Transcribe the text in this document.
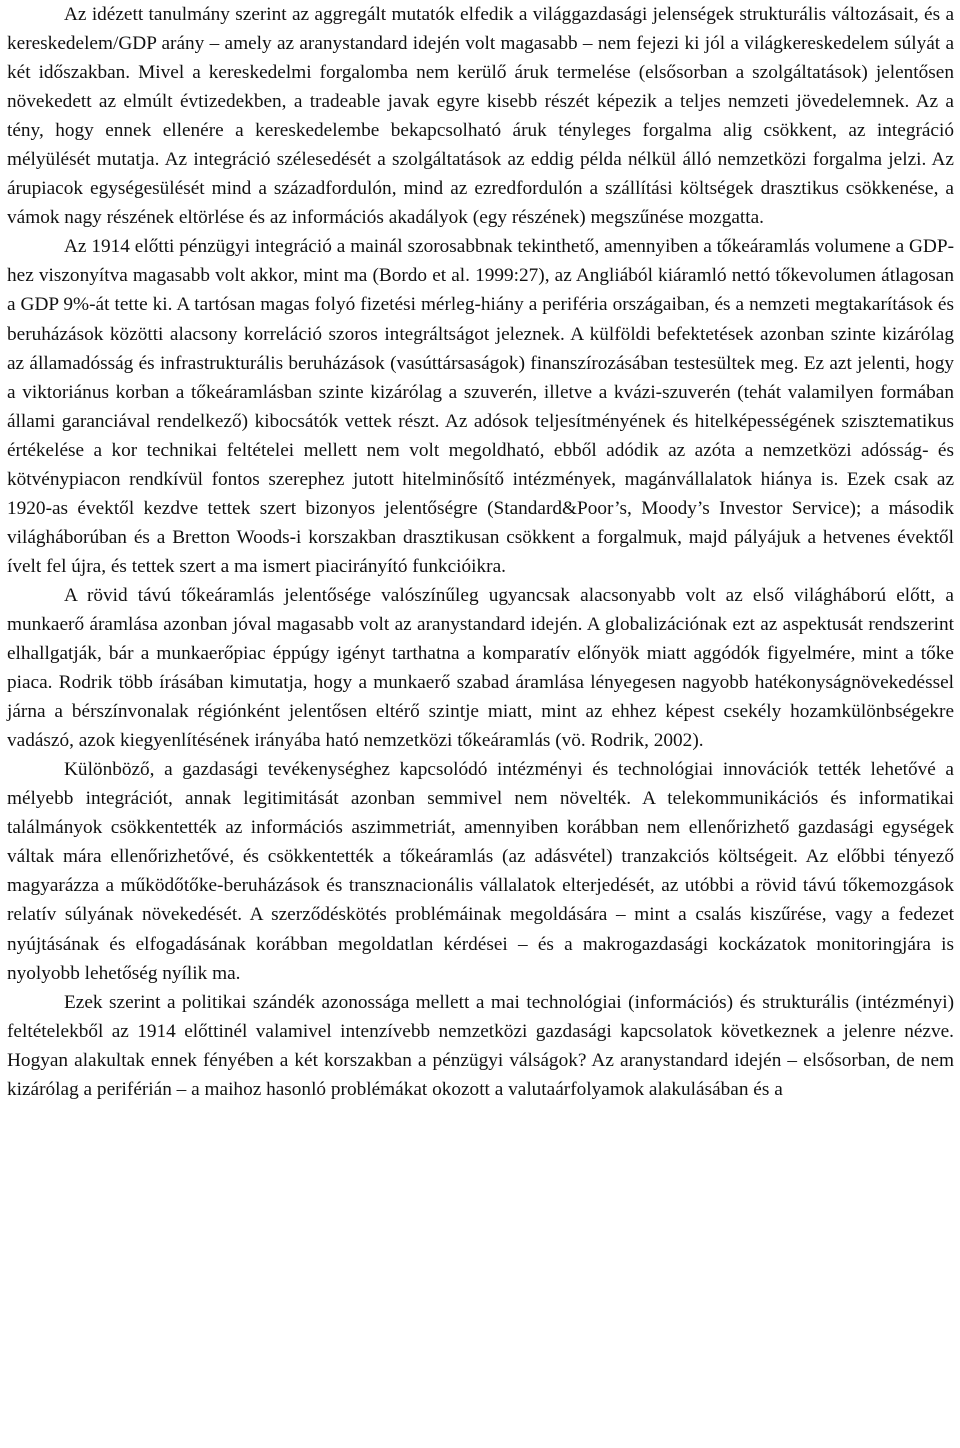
Az idézett tanulmány szerint az aggregált mutatók elfedik a világgazdasági jelenségek strukturális változásait, és a kereskedelem/GDP arány – amely az aranystandard idején volt magasabb – nem fejezi ki jól a világkereskedelem súlyát a két időszakban. Mivel a kereskedelmi forgalomba nem kerülő áruk termelése (elsősorban a szolgáltatások) jelentősen növekedett az elmúlt évtizedekben, a tradeable javak egyre kisebb részét képezik a teljes nemzeti jövedelemnek. Az a tény, hogy ennek ellenére a kereskedelembe bekapcsolható áruk tényleges forgalma alig csökkent, az integráció mélyülését mutatja. Az integráció szélesedését a szolgáltatások az eddig példa nélkül álló nemzetközi forgalma jelzi. Az árupiacok egységesülését mind a századfordulón, mind az ezredfordulón a szállítási költségek drasztikus csökkenése, a vámok nagy részének eltörlése és az információs akadályok (egy részének) megszűnése mozgatta.

Az 1914 előtti pénzügyi integráció a mainál szorosabbnak tekinthető, amennyiben a tőkeáramlás volumene a GDP-hez viszonyítva magasabb volt akkor, mint ma (Bordo et al. 1999:27), az Angliából kiáramló nettó tőkevolumen átlagosan a GDP 9%-át tette ki. A tartósan magas folyó fizetési mérleg-hiány a periféria országaiban, és a nemzeti megtakarítások és beruházások közötti alacsony korreláció szoros integráltságot jeleznek. A külföldi befektetések azonban szinte kizárólag az államadósság és infrastrukturális beruházások (vasúttársaságok) finanszírozásában testesültek meg. Ez azt jelenti, hogy a viktoriánus korban a tőkeáramlásban szinte kizárólag a szuverén, illetve a kvázi-szuverén (tehát valamilyen formában állami garanciával rendelkező) kibocsátók vettek részt. Az adósok teljesítményének és hitelképességének szisztematikus értékelése a kor technikai feltételei mellett nem volt megoldható, ebből adódik az azóta a nemzetközi adósság- és kötvénypiacon rendkívül fontos szerephez jutott hitelminősítő intézmények, magánvállalatok hiánya is. Ezek csak az 1920-as évektől kezdve tettek szert bizonyos jelentőségre (Standard&Poor’s, Moody’s Investor Service); a második világháborúban és a Bretton Woods-i korszakban drasztikusan csökkent a forgalmuk, majd pályájuk a hetvenes évektől ívelt fel újra, és tettek szert a ma ismert piacirányító funkcióikra.

A rövid távú tőkeáramlás jelentősége valószínűleg ugyancsak alacsonyabb volt az első világháború előtt, a munkaerő áramlása azonban jóval magasabb volt az aranystandard idején. A globalizációnak ezt az aspektusát rendszerint elhallgatják, bár a munkaerőpiac éppúgy igényt tarthatna a komparatív előnyök miatt aggódók figyelmére, mint a tőke piaca. Rodrik több írásában kimutatja, hogy a munkaerő szabad áramlása lényegesen nagyobb hatékonyságnövekedéssel járna a bérszínvonalak régiónként jelentősen eltérő szintje miatt, mint az ehhez képest csekély hozamkülönbségekre vadászó, azok kiegyenlítésének irányába ható nemzetközi tőkeáramlás (vö. Rodrik, 2002).

Különböző, a gazdasági tevékenységhez kapcsolódó intézményi és technológiai innovációk tették lehetővé a mélyebb integrációt, annak legitimitását azonban semmivel nem növelték. A telekommunikációs és informatikai találmányok csökkentették az információs aszimmetriát, amennyiben korábban nem ellenőrizhető gazdasági egységek váltak mára ellenőrizhetővé, és csökkentették a tőkeáramlás (az adásvétel) tranzakciós költségeit. Az előbbi tényező magyarázza a működőtőke-beruházások és transznacionális vállalatok elterjedését, az utóbbi a rövid távú tőkemozgások relatív súlyának növekedését. A szerződéskötés problémáinak megoldására – mint a csalás kiszűrése, vagy a fedezet nyújtásának és elfogadásának korábban megoldatlan kérdései – és a makrogazdasági kockázatok monitoringjára is nyolyobb lehetőség nyílik ma.

Ezek szerint a politikai szándék azonossága mellett a mai technológiai (információs) és strukturális (intézményi) feltételekből az 1914 előttinél valamivel intenzívebb nemzetközi gazdasági kapcsolatok következnek a jelenre nézve. Hogyan alakultak ennek fényében a két korszakban a pénzügyi válságok? Az aranystandard idején – elsősorban, de nem kizárólag a periférián – a maihoz hasonló problémákat okozott a valutaárfolyamok alakulásában és a
